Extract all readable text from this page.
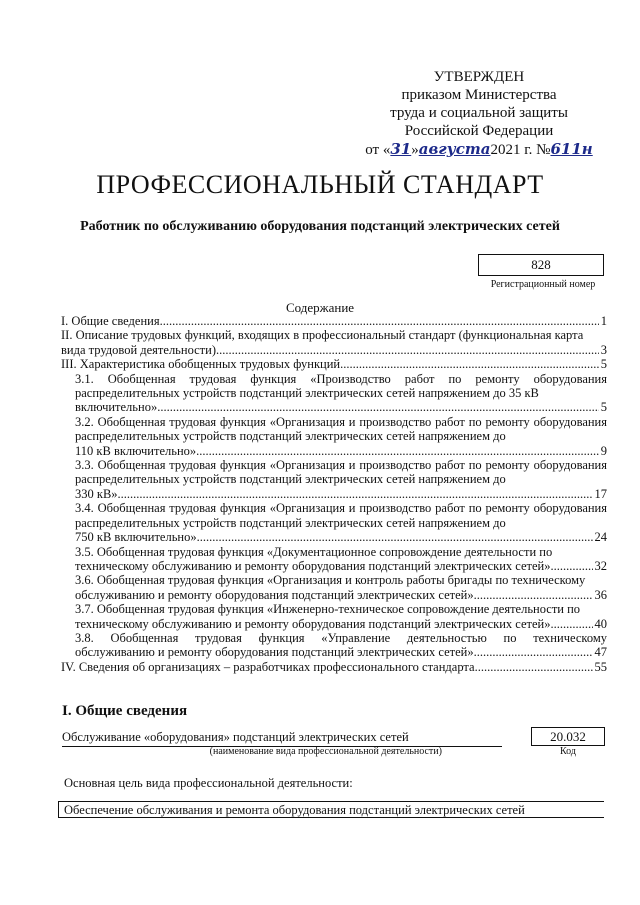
УТВЕРЖДЕН
приказом Министерства
труда и социальной защиты
Российской Федерации
от «31»августа2021 г. №611н
ПРОФЕССИОНАЛЬНЫЙ СТАНДАРТ
Работник по обслуживанию оборудования подстанций электрических сетей
828
Регистрационный номер
Содержание
I. Общие сведения .....	1
II. Описание трудовых функций, входящих в профессиональный стандарт (функциональная карта
вида трудовой деятельности) .....	3
III. Характеристика обобщенных трудовых функций .....	5
3.1. Обобщенная трудовая функция «Производство работ по ремонту оборудования распределительных устройств подстанций электрических сетей напряжением до 35 кВ
включительно» .....	5
3.2. Обобщенная трудовая функция «Организация и производство работ по ремонту оборудования распределительных устройств подстанций электрических сетей напряжением до
110 кВ включительно» .....	9
3.3. Обобщенная трудовая функция «Организация и производство работ по ремонту оборудования распределительных устройств подстанций электрических сетей напряжением до
330 кВ» .....	17
3.4. Обобщенная трудовая функция «Организация и производство работ по ремонту оборудования распределительных устройств подстанций электрических сетей напряжением до
750 кВ включительно» .....	24
3.5. Обобщенная трудовая функция «Документационное сопровождение деятельности по
техническому обслуживанию и ремонту оборудования подстанций электрических сетей» .....	32
3.6. Обобщенная трудовая функция «Организация и контроль работы бригады по техническому
обслуживанию и ремонту оборудования подстанций электрических сетей» .....	36
3.7. Обобщенная трудовая функция «Инженерно-техническое сопровождение деятельности по
техническому обслуживанию и ремонту оборудования подстанций электрических сетей» .....	40
3.8. Обобщенная трудовая функция «Управление деятельностью по техническому
обслуживанию и ремонту оборудования подстанций электрических сетей» .....	47
IV. Сведения об организациях – разработчиках профессионального стандарта .....	55
I. Общие сведения
Обслуживание «оборудования» подстанций электрических сетей
(наименование вида профессиональной деятельности)
20.032
Код
Основная цель вида профессиональной деятельности:
Обеспечение обслуживания и ремонта оборудования подстанций электрических сетей
